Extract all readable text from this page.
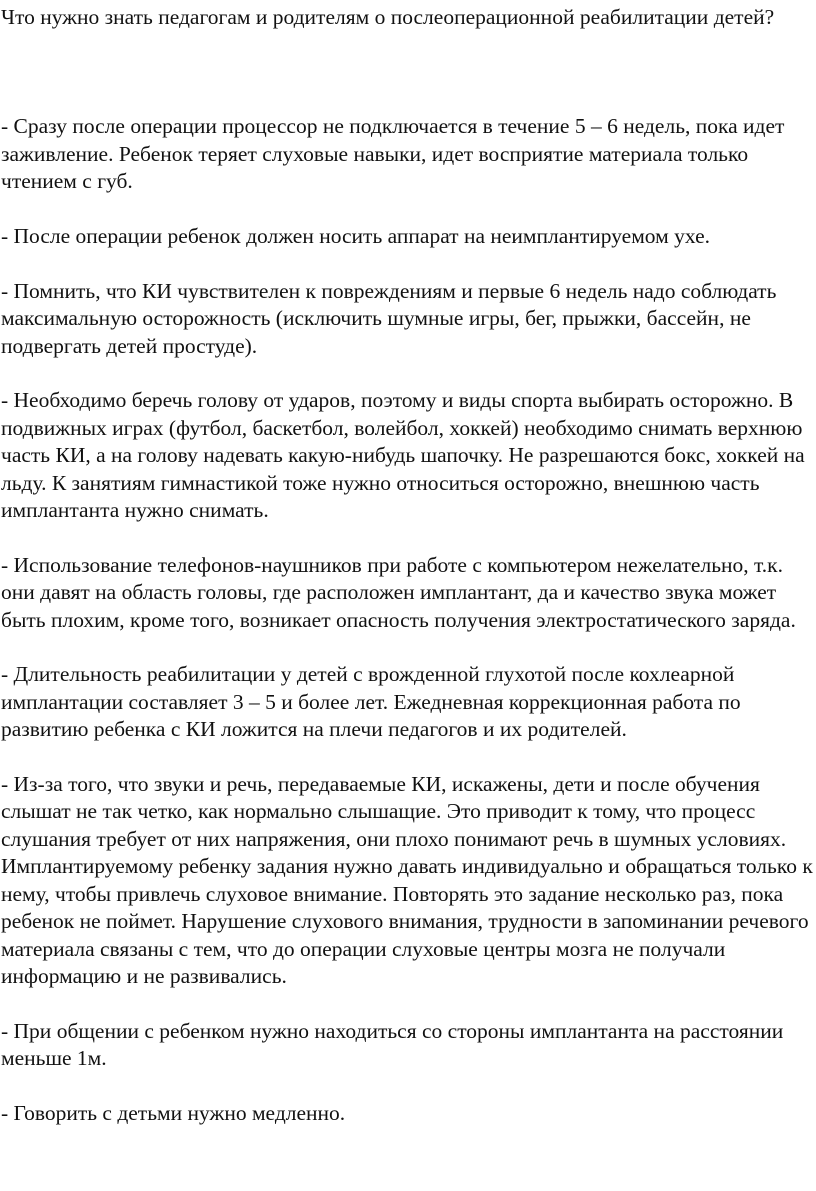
Что нужно знать педагогам и родителям о послеоперационной реабилитации детей?

- Сразу после операции процессор не подключается в течение 5 – 6 недель, пока идет заживление. Ребенок теряет слуховые навыки, идет восприятие материала только чтением с губ.

- После операции ребенок должен носить аппарат на неимплантируемом ухе.

- Помнить, что КИ чувствителен к повреждениям и первые 6 недель надо соблюдать максимальную осторожность (исключить шумные игры, бег, прыжки, бассейн, не подвергать детей простуде).

- Необходимо беречь голову от ударов, поэтому и виды спорта выбирать осторожно. В подвижных играх (футбол, баскетбол, волейбол, хоккей) необходимо снимать верхнюю часть КИ, а на голову надевать какую-нибудь шапочку. Не разрешаются бокс, хоккей на льду. К занятиям гимнастикой тоже нужно относиться осторожно, внешнюю часть имплантанта нужно снимать.

- Использование телефонов-наушников при работе с компьютером нежелательно, т.к. они давят на область головы, где расположен имплантант, да и качество звука может быть плохим, кроме того, возникает опасность получения электростатического заряда.

- Длительность реабилитации у детей с врожденной глухотой после кохлеарной имплантации составляет 3 – 5 и более лет. Ежедневная коррекционная работа по развитию ребенка с КИ ложится на плечи педагогов и их родителей.

- Из-за того, что звуки и речь, передаваемые КИ, искажены, дети и после обучения слышат не так четко, как нормально слышащие. Это приводит к тому, что процесс слушания требует от них напряжения, они плохо понимают речь в шумных условиях. Имплантируемому ребенку задания нужно давать индивидуально и обращаться только к нему, чтобы привлечь слуховое внимание. Повторять это задание несколько раз, пока ребенок не поймет. Нарушение слухового внимания, трудности в запоминании речевого материала связаны с тем, что до операции слуховые центры мозга не получали информацию и не развивались.

- При общении с ребенком нужно находиться со стороны имплантанта на расстоянии меньше 1м.

- Говорить с детьми нужно медленно.
